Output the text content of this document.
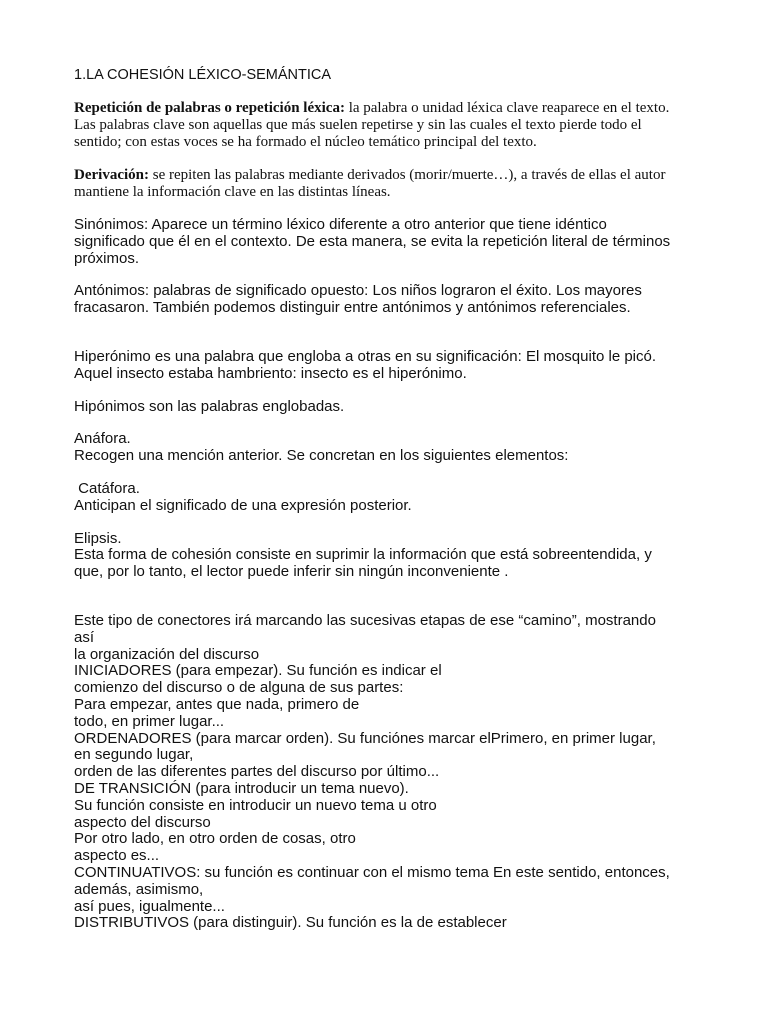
1.LA COHESIÓN LÉXICO-SEMÁNTICA

Repetición de palabras o repetición léxica: la palabra o unidad léxica clave reaparece en el texto.
Las palabras clave son aquellas que más suelen repetirse y sin las cuales el texto pierde todo el
sentido; con estas voces se ha formado el núcleo temático principal del texto.

Derivación: se repiten las palabras mediante derivados (morir/muerte…), a través de ellas el autor
mantiene la información clave en las distintas líneas.

Sinónimos: Aparece un término léxico diferente a otro anterior que tiene idéntico
significado que él en el contexto. De esta manera, se evita la repetición literal de términos
próximos.

Antónimos: palabras de significado opuesto: Los niños lograron el éxito. Los mayores
fracasaron. También podemos distinguir entre antónimos y antónimos referenciales.

Hiperónimo es una palabra que engloba a otras en su significación: El mosquito le picó.
Aquel insecto estaba hambriento: insecto es el hiperónimo.

Hipónimos son las palabras englobadas.

Anáfora.
Recogen una mención anterior. Se concretan en los siguientes elementos:

Catáfora.
Anticipan el significado de una expresión posterior.

Elipsis.
Esta forma de cohesión consiste en suprimir la información que está sobreentendida, y
que, por lo tanto, el lector puede inferir sin ningún inconveniente .

Este tipo de conectores irá marcando las sucesivas etapas de ese “camino”, mostrando
así
la organización del discurso
INICIADORES (para empezar). Su función es indicar el
comienzo del discurso o de alguna de sus partes:
Para empezar, antes que nada, primero de
todo, en primer lugar...
ORDENADORES (para marcar orden). Su funciónes marcar elPrimero, en primer lugar,
en segundo lugar,
orden de las diferentes partes del discurso por último...
DE TRANSICIÓN (para introducir un tema nuevo).
Su función consiste en introducir un nuevo tema u otro
aspecto del discurso
Por otro lado, en otro orden de cosas, otro
aspecto es...
CONTINUATIVOS: su función es continuar con el mismo tema En este sentido, entonces,
además, asimismo,
así pues, igualmente...
DISTRIBUTIVOS (para distinguir). Su función es la de establecer
